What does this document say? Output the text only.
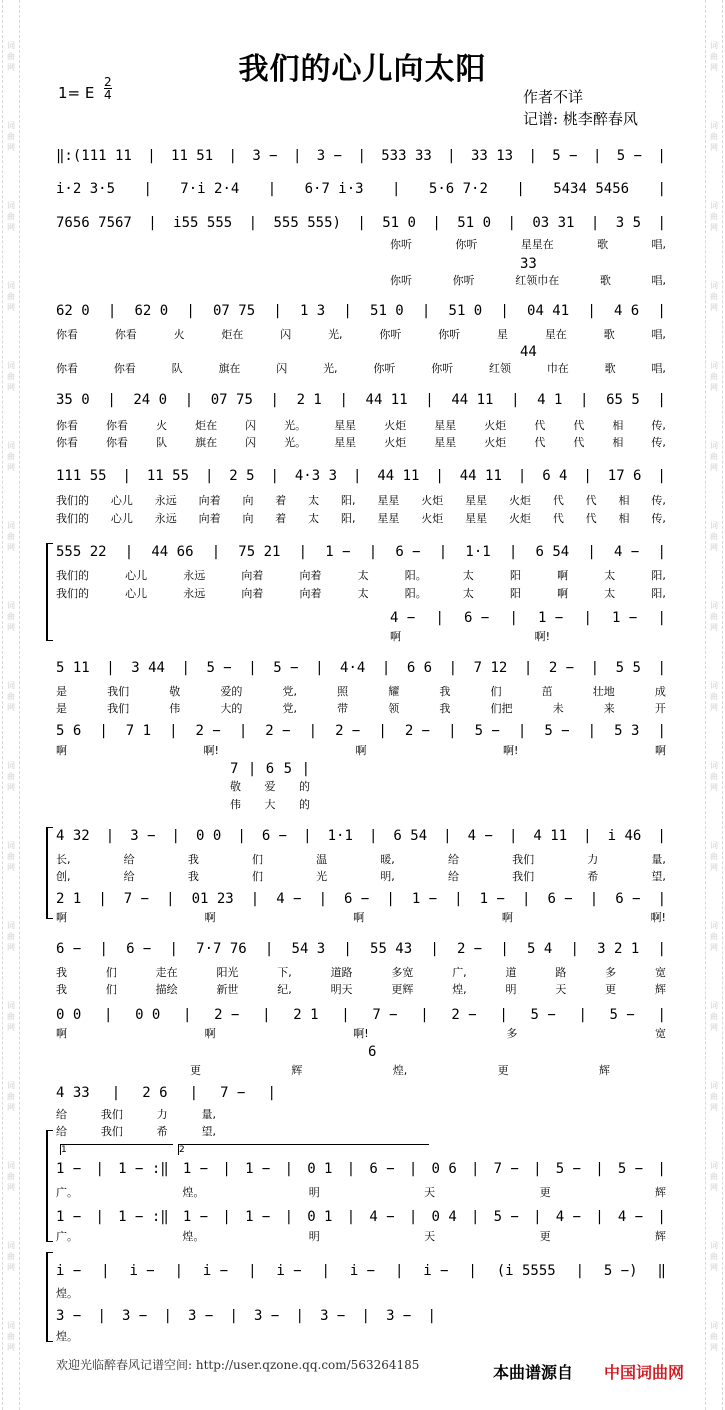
我们的心儿向太阳
1= E
2
4	作者不详
记谱: 桃李醉春风
‖:(111 11 | 11 51 | 3 − | 3 − | 533 33 | 33 13 | 5 − | 5 − |
i·2 3·5 | 7·i 2·4 | 6·7 i·3 | 5·6 7·2 | 5434 5456 |
7656 7567 | i55 555 | 555 555) | 51 0 | 51 0 | 03 31 | 3 5 |
你听	你听	星星在	歌	唱,
33
你听	你听	红领巾在	歌	唱,
62 0 | 62 0 | 07 75 | 1 3 | 51 0 | 51 0 | 04 41 | 4 6 |
你看	你看	火	炬在	闪	光,	你听	你听	星	星在	歌	唱,
44
你看	你看	队	旗在	闪	光,	你听	你听	红领	巾在	歌	唱,
35 0 | 24 0 | 07 75 | 2 1 | 44 11 | 44 11 | 4 1 | 65 5 |
你看	你看	火	炬在	闪	光。	星星	火炬	星星	火炬	代	代	相	传,
你看	你看	队	旗在	闪	光。	星星	火炬	星星	火炬	代	代	相	传,
111 55 | 11 55 | 2 5 | 4·3 3 | 44 11 | 44 11 | 6 4 | 17 6 |
我们的 心儿 永远 向着 向 着 太 阳, 星星 火炬 星星 火炬 代 代 相 传,
我们的 心儿 永远 向着 向 着 太 阳, 星星 火炬 星星 火炬 代 代 相 传,
555 22 | 44 66 | 75 21 | 1 − | 6 − | 1·1 | 6 54 | 4 − |
我们的	心儿	永远	向着	向着	太	阳。	太	阳	啊	太	阳,
我们的	心儿	永远	向着	向着	太	阳。	太	阳	啊	太	阳,
4 − | 6 − | 1 − | 1 − |
啊	啊!
5 11 | 3 44 | 5 − | 5 − | 4·4 | 6 6 | 7 12 | 2 − | 5 5 |
是	我们	敬	爱的	党,	照	耀	我	们	茁	壮地	成
是	我们	伟	大的	党,	带	领	我	们把	未	来	开
5 6 | 7 1 | 2 − | 2 − | 2 − | 2 − | 5 − | 5 − | 5 3 |
啊	啊!	啊	啊!	啊
7 | 6 5 |
敬 爱 的
伟 大 的
4 32 | 3 − | 0 0 | 6 − | 1·1 | 6 54 | 4 − | 4 11 | i 46 |
长,	给	我	们	温	暖,	给	我们	力	量,
创,	给	我	们	光	明,	给	我们	希	望,
2 1 | 7 − | 01 23 | 4 − | 6 − | 1 − | 1 − | 6 − | 6 − |
啊	啊	啊	啊	啊!
6 − | 6 − | 7·7 76 | 54 3 | 55 43 | 2 − | 5 4 | 3 2 1 |
我	们	走在	阳光	下,	道路	多宽	广,	道	路	多	宽
我	们	描绘	新世	纪,	明天	更辉	煌,	明	天	更	辉
0 0 | 0 0 | 2 − | 2 1 | 7 − | 2 − | 5 − | 5 − |
啊	啊	啊!	多	宽
6
更	辉	煌,	更	辉
4 33 | 2 6 | 7 − |
给	我们	力	量,
给	我们	希	望,
1 − | 1 − :‖ 1 − | 1 − | 0 1 | 6 − | 0 6 | 7 − | 5 − | 5 − |
广。	煌。	明	天	更	辉
1 − | 1 − :‖ 1 − | 1 − | 0 1 | 4 − | 0 4 | 5 − | 4 − | 4 − |
广。	煌。	明	天	更	辉
i − | i − | i − | i − | i − | i − | (i 5555 | 5 −) ‖
煌。
3 − | 3 − | 3 − | 3 − | 3 − | 3 − |
煌。
1	2
欢迎光临醉春风记谱空间: http://user.qzone.qq.com/563264185	本曲谱源自 中国词曲网
词
曲
网
词
曲
网
词
曲
网
词
曲
网
词
曲
网
词
曲
网
词
曲
网
词
曲
网
词
曲
网
词
曲
网
词
曲
网
词
曲
网
词
曲
网
词
曲
网
词
曲
网
词
曲
网
词
曲
网
词
曲
网
词
曲
网
词
曲
网
词
曲
网
词
曲
网
词
曲
网
词
曲
网
词
曲
网
词
曲
网
词
曲
网
词
曲
网
词
曲
网
词
曲
网
词
曲
网
词
曲
网
词
曲
网
词
曲
网
